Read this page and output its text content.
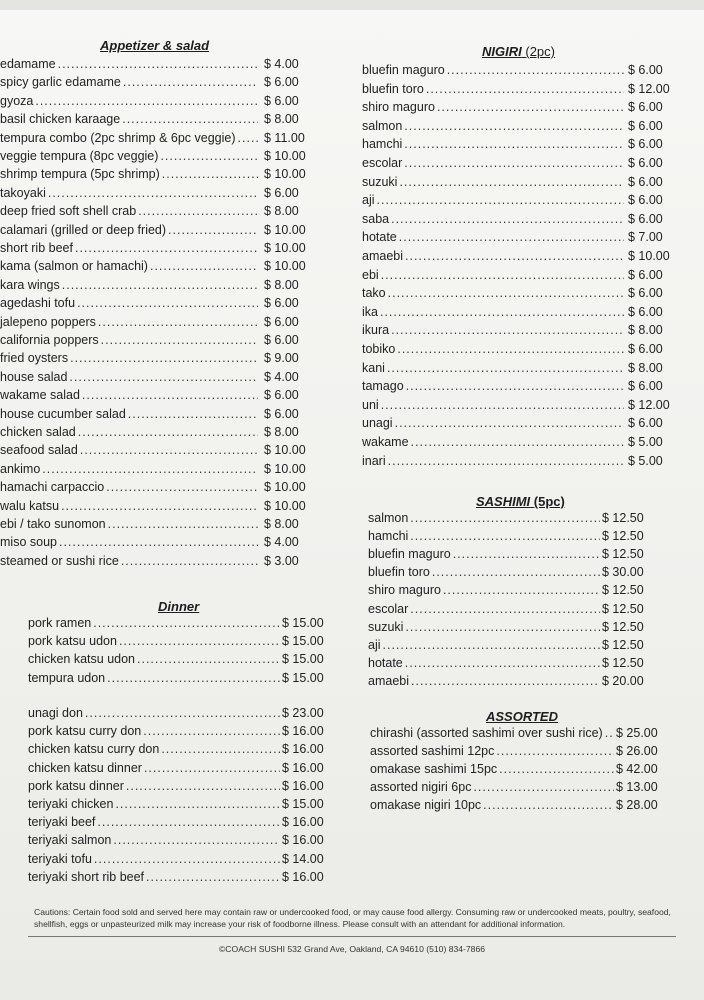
Appetizer & salad
edamame .....	$ 4.00
spicy garlic edamame .....	$ 6.00
gyoza .....	$ 6.00
basil chicken karaage .....	$ 8.00
tempura combo (2pc shrimp & 6pc veggie) .....	$ 11.00
veggie tempura (8pc veggie) .....	$ 10.00
shrimp tempura (5pc shrimp) .....	$ 10.00
takoyaki .....	$ 6.00
deep fried soft shell crab .....	$ 8.00
calamari (grilled or deep fried) .....	$ 10.00
short rib beef .....	$ 10.00
kama (salmon or hamachi) .....	$ 10.00
kara wings .....	$ 8.00
agedashi tofu .....	$ 6.00
jalepeno poppers .....	$ 6.00
california poppers .....	$ 6.00
fried oysters .....	$ 9.00
house salad .....	$ 4.00
wakame salad .....	$ 6.00
house cucumber salad .....	$ 6.00
chicken salad .....	$ 8.00
seafood salad .....	$ 10.00
ankimo .....	$ 10.00
hamachi carpaccio .....	$ 10.00
walu katsu .....	$ 10.00
ebi / tako sunomon .....	$ 8.00
miso soup .....	$ 4.00
steamed or sushi rice .....	$ 3.00
Dinner
pork ramen .....	$ 15.00
pork katsu udon .....	$ 15.00
chicken katsu udon .....	$ 15.00
tempura udon .....	$ 15.00
unagi don .....	$ 23.00
pork katsu curry don .....	$ 16.00
chicken katsu curry don .....	$ 16.00
chicken katsu dinner .....	$ 16.00
pork katsu dinner .....	$ 16.00
teriyaki chicken .....	$ 15.00
teriyaki beef .....	$ 16.00
teriyaki salmon .....	$ 16.00
teriyaki tofu .....	$ 14.00
teriyaki short rib beef .....	$ 16.00
NIGIRI (2pc)
bluefin maguro .....	$ 6.00
bluefin toro .....	$ 12.00
shiro maguro .....	$ 6.00
salmon .....	$ 6.00
hamchi .....	$ 6.00
escolar .....	$ 6.00
suzuki .....	$ 6.00
aji .....	$ 6.00
saba .....	$ 6.00
hotate .....	$ 7.00
amaebi .....	$ 10.00
ebi .....	$ 6.00
tako .....	$ 6.00
ika .....	$ 6.00
ikura .....	$ 8.00
tobiko .....	$ 6.00
kani .....	$ 8.00
tamago .....	$ 6.00
uni .....	$ 12.00
unagi .....	$ 6.00
wakame .....	$ 5.00
inari .....	$ 5.00
SASHIMI (5pc)
salmon .....	$ 12.50
hamchi .....	$ 12.50
bluefin maguro .....	$ 12.50
bluefin toro .....	$ 30.00
shiro maguro .....	$ 12.50
escolar .....	$ 12.50
suzuki .....	$ 12.50
aji .....	$ 12.50
hotate .....	$ 12.50
amaebi .....	$ 20.00
ASSORTED
chirashi (assorted sashimi over sushi rice) ..... $ 25.00
assorted sashimi 12pc .....	$ 26.00
omakase sashimi 15pc .....	$ 42.00
assorted nigiri 6pc .....	$ 13.00
omakase nigiri 10pc .....	$ 28.00
Cautions: Certain food sold and served here may contain raw or undercooked food, or may cause food allergy. Consuming raw or undercooked meats, poultry, seafood, shellfish, eggs or unpasteurized milk may increase your risk of foodborne illness. Please consult with an attendant for additional information.
©COACH SUSHI 532 Grand Ave, Oakland, CA 94610 (510) 834-7866
